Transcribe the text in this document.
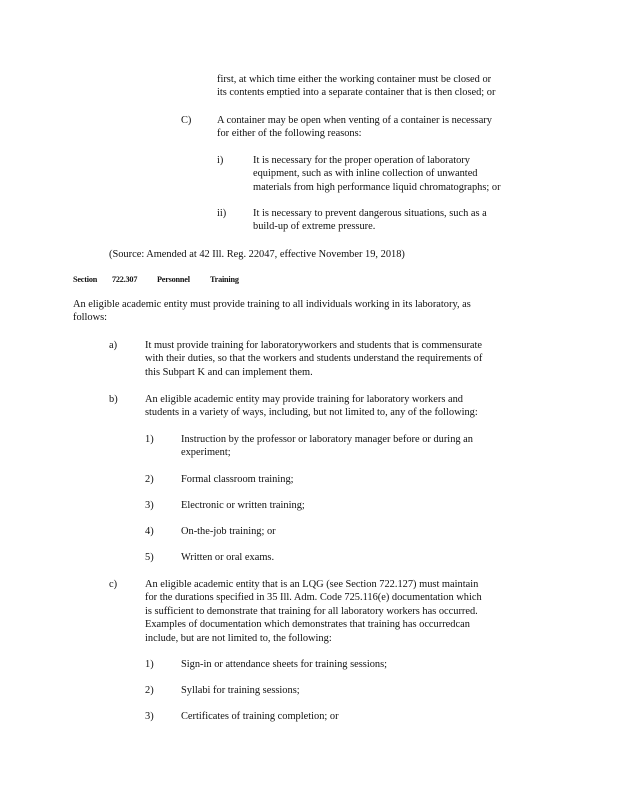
first, at which time either the working container must be closed or
its contents emptied into a separate container that is then closed; or

C) A container may be open when venting of a container is necessary
for either of the following reasons:

i)	It is necessary for the proper operation of laboratory
equipment, such as with inline collection of unwanted
materials from high performance liquid chromatographs; or

ii)	It is necessary to prevent dangerous situations, such as a
build-up of extreme pressure.

(Source: Amended at 42 Ill. Reg. 22047, effective November 19, 2018)

Section 722.307 Personnel Training

An eligible academic entity must provide training to all individuals working in its laboratory, as
follows:

a)	It must provide training for laboratoryworkers and students that is commensurate
with their duties, so that the workers and students understand the requirements of
this Subpart K and can implement them.

b)	An eligible academic entity may provide training for laboratory workers and
students in a variety of ways, including, but not limited to, any of the following:

1)	Instruction by the professor or laboratory manager before or during an
experiment;

2)	Formal classroom training;

3)	Electronic or written training;

4)	On-the-job training; or

5)	Written or oral exams.

c)	An eligible academic entity that is an LQG (see Section 722.127) must maintain
for the durations specified in 35 Ill. Adm. Code 725.116(e) documentation which
is sufficient to demonstrate that training for all laboratory workers has occurred.
Examples of documentation which demonstrates that training has occurredcan
include, but are not limited to, the following:

1)	Sign-in or attendance sheets for training sessions;

2)	Syllabi for training sessions;

3)	Certificates of training completion; or
